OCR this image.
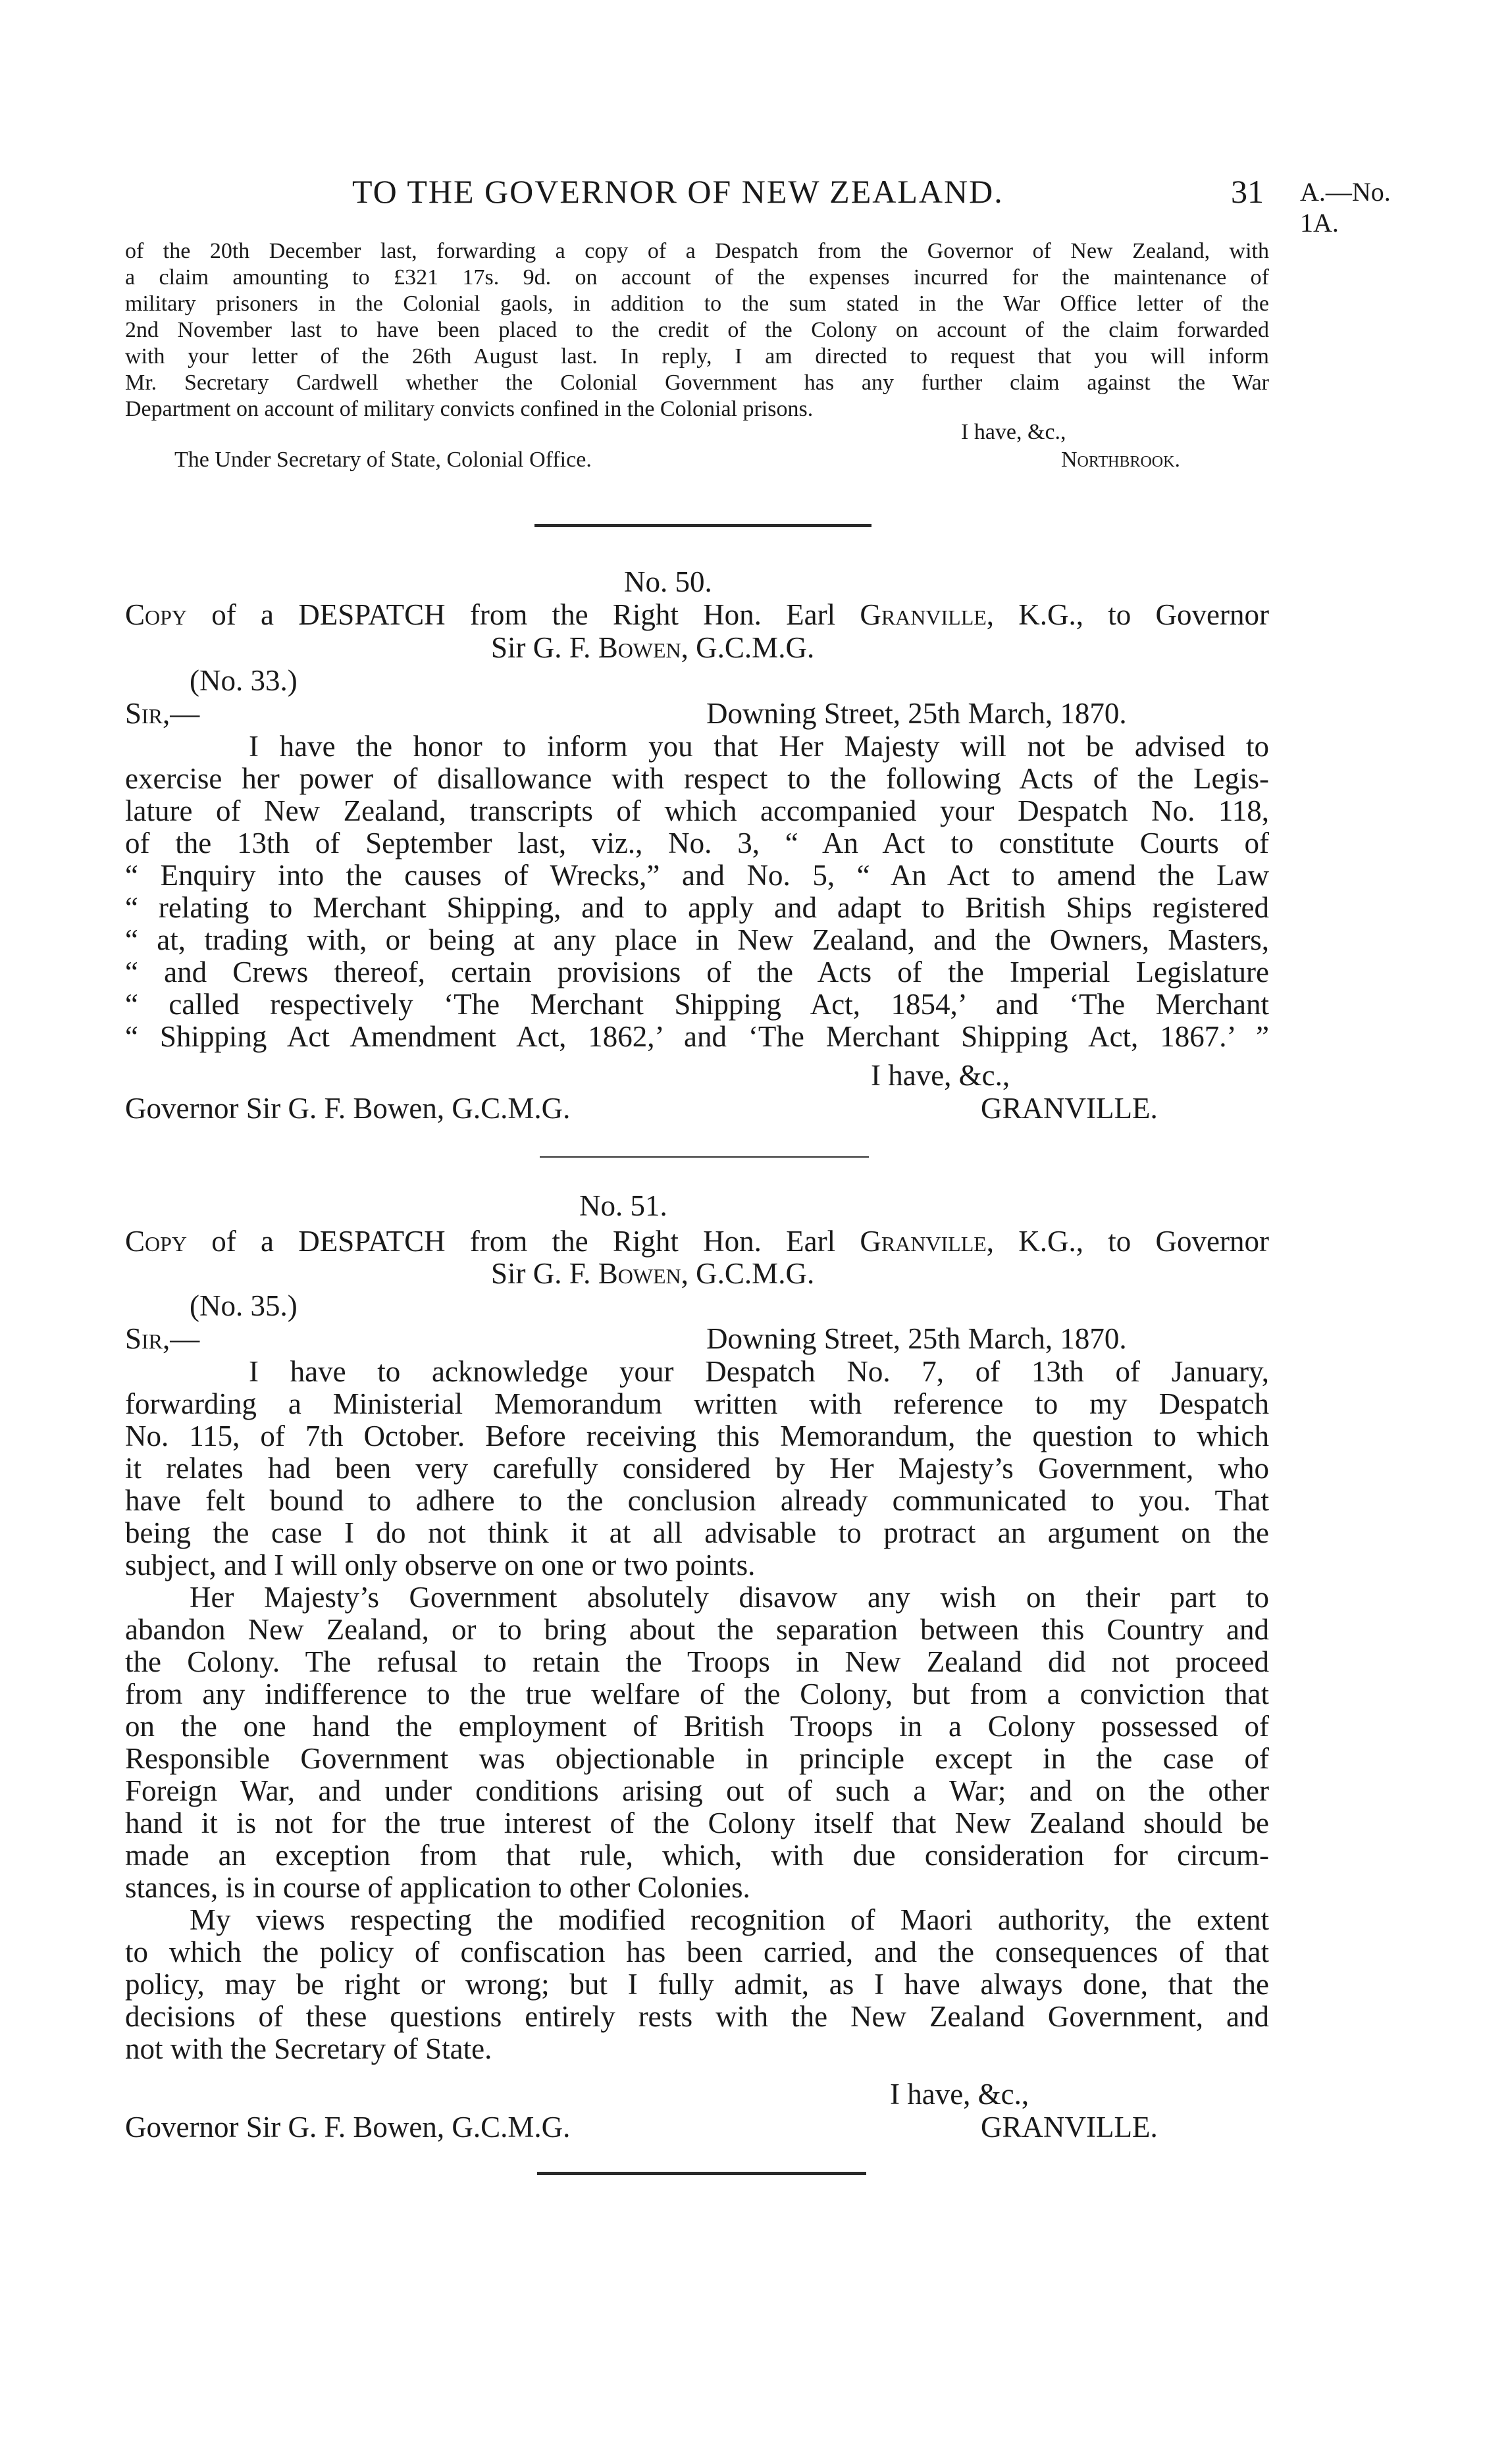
TO THE GOVERNOR OF NEW ZEALAND.	31 A.—No. 1A.
of the 20th December last, forwarding a copy of a Despatch from the Governor of New Zealand, with
a claim amounting to £321 17s. 9d. on account of the expenses incurred for the maintenance of
military prisoners in the Colonial gaols, in addition to the sum stated in the War Office letter of the
2nd November last to have been placed to the credit of the Colony on account of the claim forwarded
with your letter of the 26th August last. In reply, I am directed to request that you will inform
Mr. Secretary Cardwell whether the Colonial Government has any further claim against the War
Department on account of military convicts confined in the Colonial prisons.
I have, &c.,
The Under Secretary of State, Colonial Office.	Northbrook.
No. 50.
Copy of a DESPATCH from the Right Hon. Earl Granville, K.G., to Governor
Sir G. F. Bowen, G.C.M.G.
(No. 33.)
Sir,—	Downing Street, 25th March, 1870.
I have the honor to inform you that Her Majesty will not be advised to
exercise her power of disallowance with respect to the following Acts of the Legis-
lature of New Zealand, transcripts of which accompanied your Despatch No. 118,
of the 13th of September last, viz., No. 3, “ An Act to constitute Courts of
“ Enquiry into the causes of Wrecks,” and No. 5, “ An Act to amend the Law
“ relating to Merchant Shipping, and to apply and adapt to British Ships registered
“ at, trading with, or being at any place in New Zealand, and the Owners, Masters,
“ and Crews thereof, certain provisions of the Acts of the Imperial Legislature
“ called respectively ‘The Merchant Shipping Act, 1854,’ and ‘The Merchant
“ Shipping Act Amendment Act, 1862,’ and ‘The Merchant Shipping Act, 1867.’ ”
I have, &c.,
Governor Sir G. F. Bowen, G.C.M.G.	GRANVILLE.
No. 51.
Copy of a DESPATCH from the Right Hon. Earl Granville, K.G., to Governor
Sir G. F. Bowen, G.C.M.G.
(No. 35.)
Sir,—	Downing Street, 25th March, 1870.
I have to acknowledge your Despatch No. 7, of 13th of January,
forwarding a Ministerial Memorandum written with reference to my Despatch
No. 115, of 7th October. Before receiving this Memorandum, the question to which
it relates had been very carefully considered by Her Majesty’s Government, who
have felt bound to adhere to the conclusion already communicated to you. That
being the case I do not think it at all advisable to protract an argument on the
subject, and I will only observe on one or two points.
Her Majesty’s Government absolutely disavow any wish on their part to
abandon New Zealand, or to bring about the separation between this Country and
the Colony. The refusal to retain the Troops in New Zealand did not proceed
from any indifference to the true welfare of the Colony, but from a conviction that
on the one hand the employment of British Troops in a Colony possessed of
Responsible Government was objectionable in principle except in the case of
Foreign War, and under conditions arising out of such a War; and on the other
hand it is not for the true interest of the Colony itself that New Zealand should be
made an exception from that rule, which, with due consideration for circum-
stances, is in course of application to other Colonies.
My views respecting the modified recognition of Maori authority, the extent
to which the policy of confiscation has been carried, and the consequences of that
policy, may be right or wrong; but I fully admit, as I have always done, that the
decisions of these questions entirely rests with the New Zealand Government, and
not with the Secretary of State.
I have, &c.,
Governor Sir G. F. Bowen, G.C.M.G.	GRANVILLE.
